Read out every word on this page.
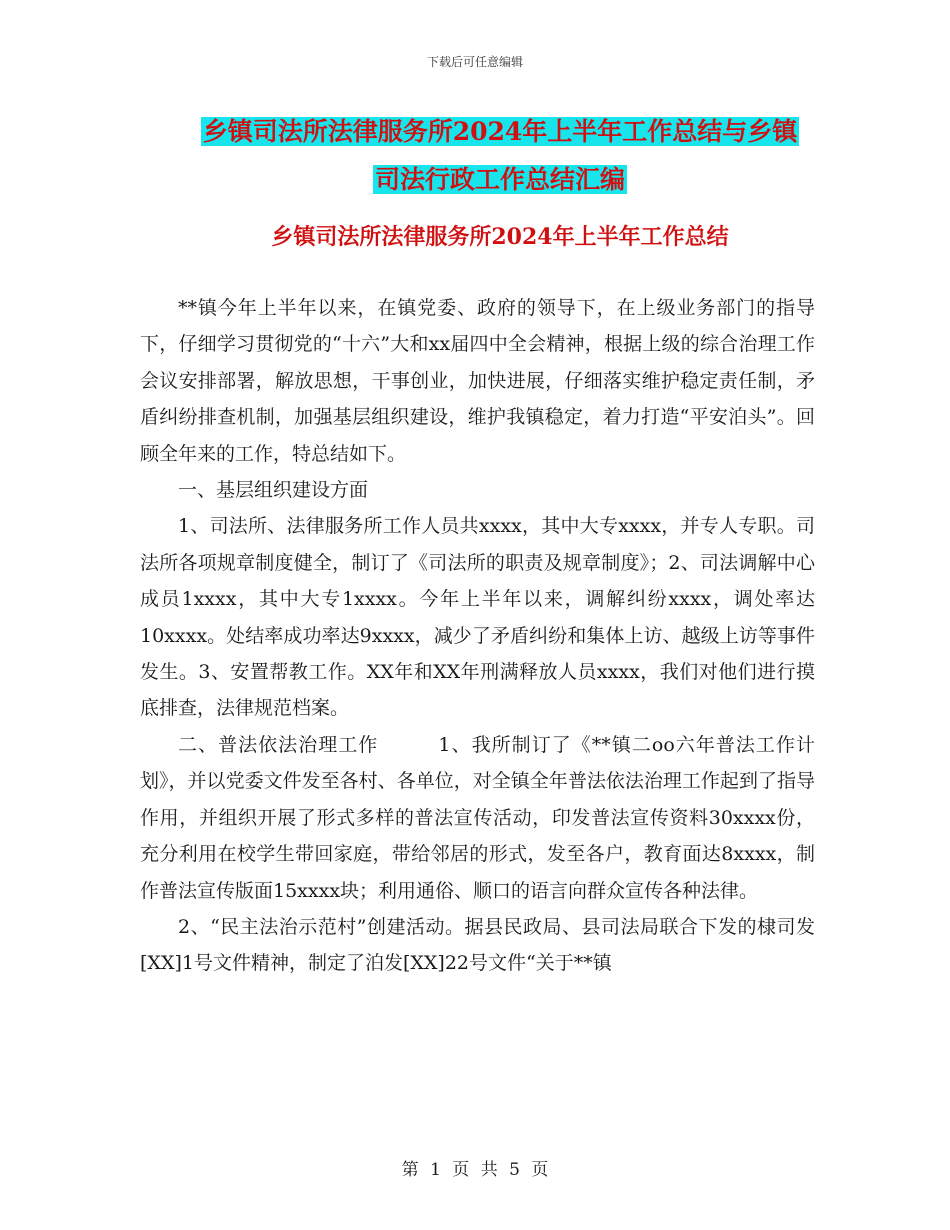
下载后可任意编辑
乡镇司法所法律服务所2024年上半年工作总结与乡镇
司法行政工作总结汇编
乡镇司法所法律服务所2024年上半年工作总结

**镇今年上半年以来，在镇党委、政府的领导下，在上级业务部门的指导下，仔细学习贯彻党的“十六”大和xx届四中全会精神，根据上级的综合治理工作会议安排部署，解放思想，干事创业，加快进展，仔细落实维护稳定责任制，矛盾纠纷排查机制，加强基层组织建设，维护我镇稳定，着力打造“平安泊头”。回顾全年来的工作，特总结如下。

一、基层组织建设方面

1、司法所、法律服务所工作人员共xxxx，其中大专xxxx，并专人专职。司法所各项规章制度健全，制订了《司法所的职责及规章制度》；2、司法调解中心成员1xxxx，其中大专1xxxx。今年上半年以来，调解纠纷xxxx，调处率达10xxxx。处结率成功率达9xxxx，减少了矛盾纠纷和集体上访、越级上访等事件发生。3、安置帮教工作。XX年和XX年刑满释放人员xxxx，我们对他们进行摸底排查，法律规范档案。

二、普法依法治理工作　　　1、我所制订了《**镇二oo六年普法工作计划》，并以党委文件发至各村、各单位，对全镇全年普法依法治理工作起到了指导作用，并组织开展了形式多样的普法宣传活动，印发普法宣传资料30xxxx份，充分利用在校学生带回家庭，带给邻居的形式，发至各户，教育面达8xxxx，制作普法宣传版面15xxxx块；利用通俗、顺口的语言向群众宣传各种法律。

2、“民主法治示范村”创建活动。据县民政局、县司法局联合下发的棣司发[XX]1号文件精神，制定了泊发[XX]22号文件“关于**镇

第 1 页 共 5 页
